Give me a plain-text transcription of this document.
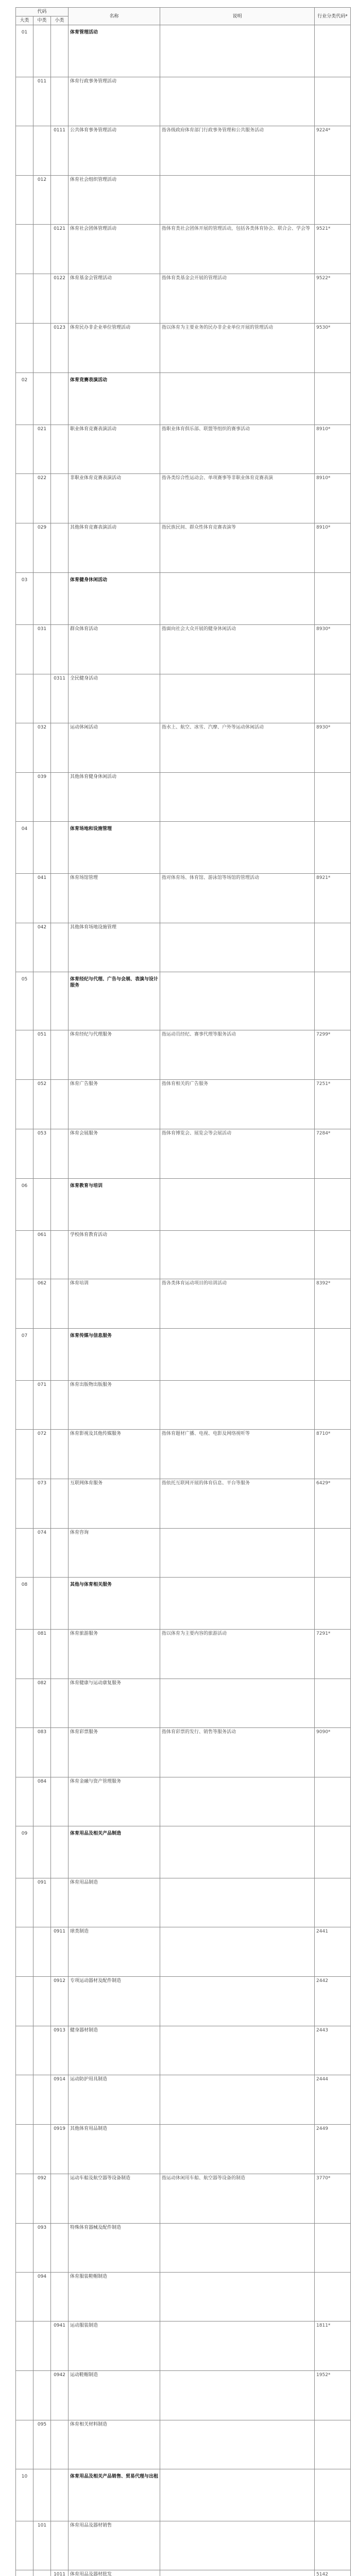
代码			名称	说明	行业分类代码*
大类	中类	小类			
01			体育管理活动		
	011		体育行政事务管理活动		
		0111	公共体育事务管理活动	指各级政府体育部门行政事务管理和公共服务活动	9224*
	012		体育社会组织管理活动		
		0121	体育社会团体管理活动	指体育类社会团体开展的管理活动，包括各类体育协会、联合会、学会等	9521*
		0122	体育基金会管理活动	指体育类基金会开展的管理活动	9522*
		0123	体育民办非企业单位管理活动	指以体育为主要业务的民办非企业单位开展的管理活动	9530*
02			体育竞赛表演活动		
	021		职业体育竞赛表演活动	指职业体育俱乐部、联盟等组织的赛事活动	8910*
	022		非职业体育竞赛表演活动	指各类综合性运动会、单项赛事等非职业体育竞赛表演	8910*
	029		其他体育竞赛表演活动	指民族民间、群众性体育竞赛表演等	8910*
03			体育健身休闲活动		
	031		群众体育活动	指面向社会大众开展的健身休闲活动	8930*
		0311	全民健身活动		
	032		运动休闲活动	指水上、航空、冰雪、汽摩、户外等运动休闲活动	8930*
	039		其他体育健身休闲活动		
04			体育场地和设施管理		
	041		体育场馆管理	指对体育场、体育馆、游泳馆等场馆的管理活动	8921*
	042		其他体育场地设施管理		
05			体育经纪与代理、广告与会展、表演与设计服务		
	051		体育经纪与代理服务	指运动员经纪、赛事代理等服务活动	7299*
	052		体育广告服务	指体育相关的广告服务	7251*
	053		体育会展服务	指体育博览会、展览会等会展活动	7284*
06			体育教育与培训		
	061		学校体育教育活动		
	062		体育培训	指各类体育运动项目的培训活动	8392*
07			体育传媒与信息服务		
	071		体育出版物出版服务		
	072		体育影视及其他传媒服务	指体育题材广播、电视、电影及网络视听等	8710*
	073		互联网体育服务	指依托互联网开展的体育信息、平台等服务	6429*
	074		体育咨询		
08			其他与体育相关服务		
	081		体育旅游服务	指以体育为主要内容的旅游活动	7291*
	082		体育健康与运动康复服务		
	083		体育彩票服务	指体育彩票的发行、销售等服务活动	9090*
	084		体育金融与资产管理服务		
09			体育用品及相关产品制造		
	091		体育用品制造		
		0911	球类制造		2441
		0912	专项运动器材及配件制造		2442
		0913	健身器材制造		2443
		0914	运动防护用具制造		2444
		0919	其他体育用品制造		2449
	092		运动车船及航空器等设备制造	指运动休闲用车船、航空器等设备的制造	3770*
	093		特殊体育器械及配件制造		
	094		体育服装鞋帽制造		
		0941	运动服装制造		1811*
		0942	运动鞋帽制造		1952*
	095		体育相关材料制造		
10			体育用品及相关产品销售、贸易代理与出租		
	101		体育用品及器材销售		
		1011	体育用品及器材批发		5142
